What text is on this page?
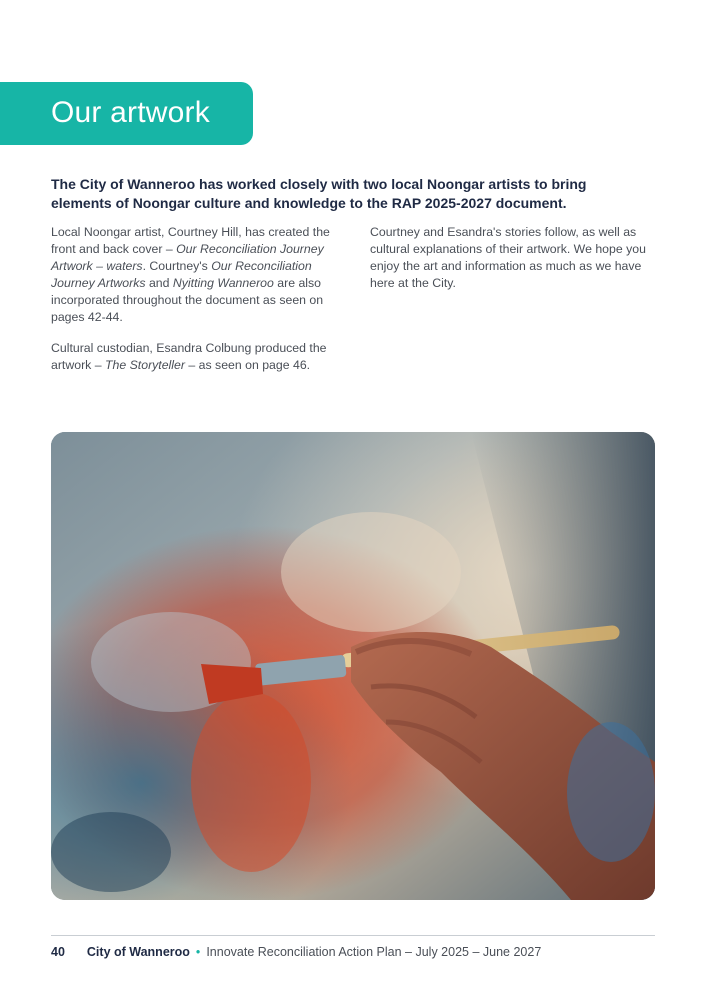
Our artwork

The City of Wanneroo has worked closely with two local Noongar artists to bring elements of Noongar culture and knowledge to the RAP 2025-2027 document.

Local Noongar artist, Courtney Hill, has created the front and back cover – Our Reconciliation Journey Artwork – waters. Courtney's Our Reconciliation Journey Artworks and Nyitting Wanneroo are also incorporated throughout the document as seen on pages 42-44.

Cultural custodian, Esandra Colbung produced the artwork – The Storyteller – as seen on page 46.

Courtney and Esandra's stories follow, as well as cultural explanations of their artwork. We hope you enjoy the art and information as much as we have here at the City.

40 City of Wanneroo • Innovate Reconciliation Action Plan – July 2025 – June 2027
